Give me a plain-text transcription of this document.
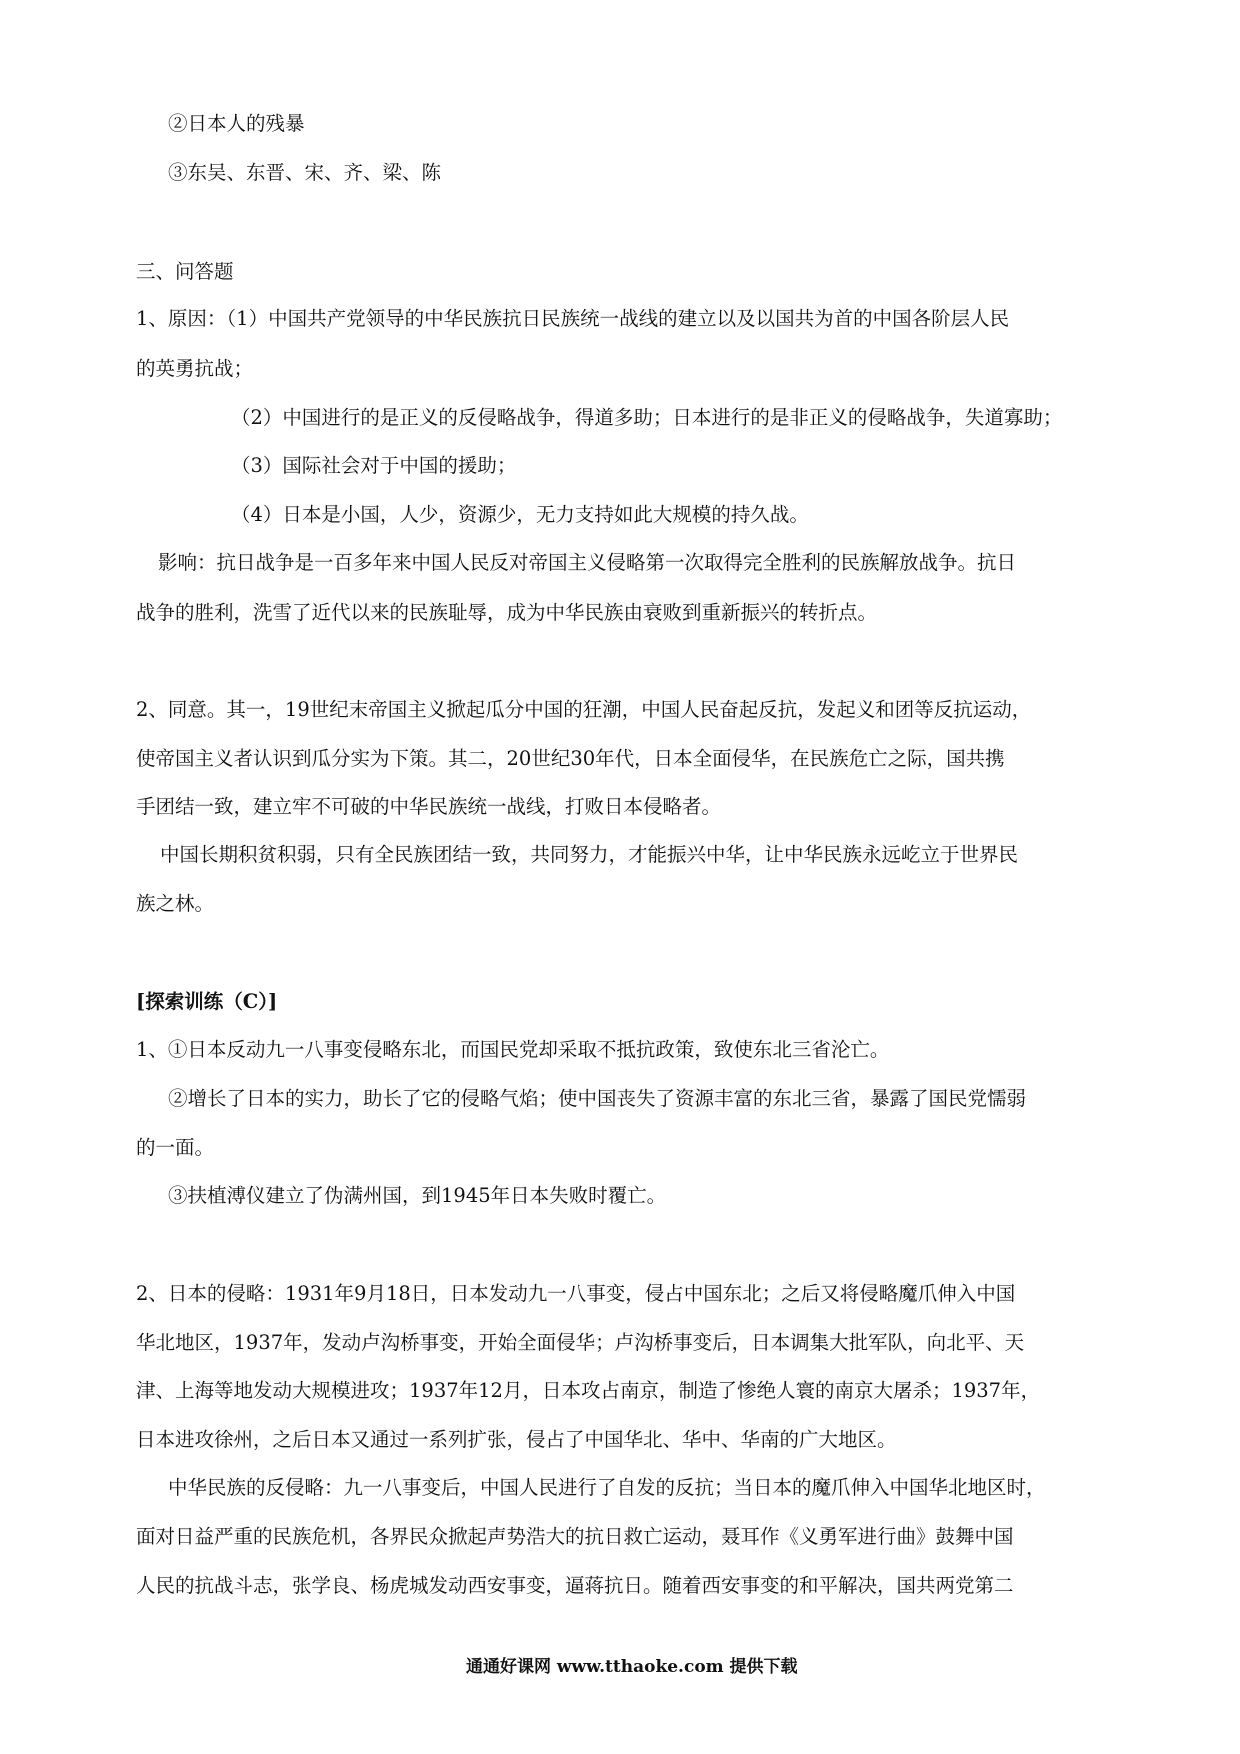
②日本人的残暴
③东吴、东晋、宋、齐、梁、陈
三、问答题
1、原因：（1）中国共产党领导的中华民族抗日民族统一战线的建立以及以国共为首的中国各阶层人民
的英勇抗战；
（2）中国进行的是正义的反侵略战争，得道多助；日本进行的是非正义的侵略战争，失道寡助；
（3）国际社会对于中国的援助；
（4）日本是小国，人少，资源少，无力支持如此大规模的持久战。
影响：抗日战争是一百多年来中国人民反对帝国主义侵略第一次取得完全胜利的民族解放战争。抗日
战争的胜利，洗雪了近代以来的民族耻辱，成为中华民族由衰败到重新振兴的转折点。
2、同意。其一，19世纪末帝国主义掀起瓜分中国的狂潮，中国人民奋起反抗，发起义和团等反抗运动，
使帝国主义者认识到瓜分实为下策。其二，20世纪30年代，日本全面侵华，在民族危亡之际，国共携
手团结一致，建立牢不可破的中华民族统一战线，打败日本侵略者。
中国长期积贫积弱，只有全民族团结一致，共同努力，才能振兴中华，让中华民族永远屹立于世界民
族之林。
[探索训练（C）]
1、①日本反动九一八事变侵略东北，而国民党却采取不抵抗政策，致使东北三省沦亡。
②增长了日本的实力，助长了它的侵略气焰；使中国丧失了资源丰富的东北三省，暴露了国民党懦弱
的一面。
③扶植溥仪建立了伪满州国，到1945年日本失败时覆亡。
2、日本的侵略：1931年9月18日，日本发动九一八事变，侵占中国东北；之后又将侵略魔爪伸入中国
华北地区，1937年，发动卢沟桥事变，开始全面侵华；卢沟桥事变后，日本调集大批军队，向北平、天
津、上海等地发动大规模进攻；1937年12月，日本攻占南京，制造了惨绝人寰的南京大屠杀；1937年，
日本进攻徐州，之后日本又通过一系列扩张，侵占了中国华北、华中、华南的广大地区。
中华民族的反侵略：九一八事变后，中国人民进行了自发的反抗；当日本的魔爪伸入中国华北地区时，
面对日益严重的民族危机，各界民众掀起声势浩大的抗日救亡运动，聂耳作《义勇军进行曲》鼓舞中国
人民的抗战斗志，张学良、杨虎城发动西安事变，逼蒋抗日。随着西安事变的和平解决，国共两党第二
通通好课网 www.tthaoke.com 提供下载
